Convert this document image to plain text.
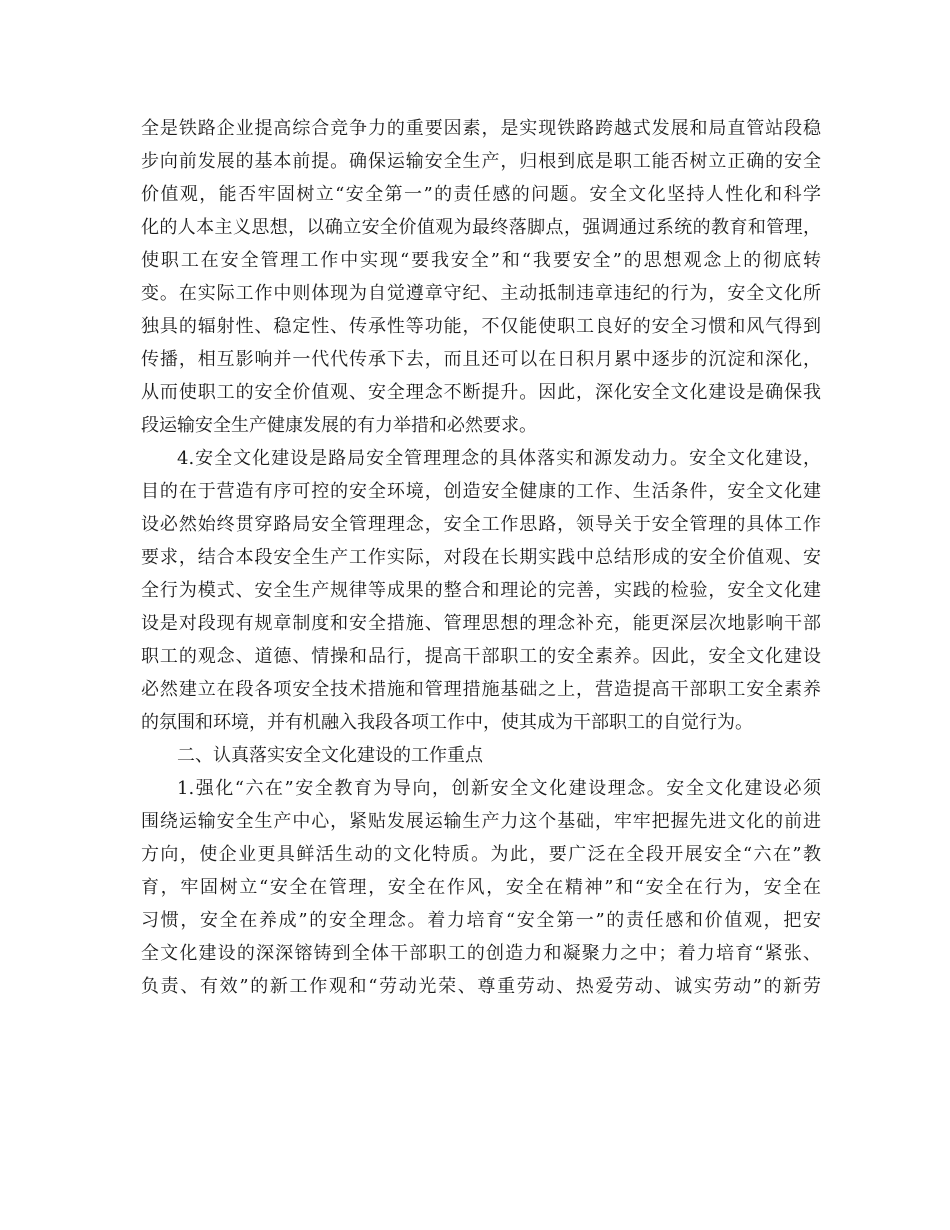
全是铁路企业提高综合竞争力的重要因素，是实现铁路跨越式发展和局直管站段稳
步向前发展的基本前提。确保运输安全生产，归根到底是职工能否树立正确的安全
价值观，能否牢固树立“安全第一”的责任感的问题。安全文化坚持人性化和科学
化的人本主义思想，以确立安全价值观为最终落脚点，强调通过系统的教育和管理，
使职工在安全管理工作中实现“要我安全”和“我要安全”的思想观念上的彻底转
变。在实际工作中则体现为自觉遵章守纪、主动抵制违章违纪的行为，安全文化所
独具的辐射性、稳定性、传承性等功能，不仅能使职工良好的安全习惯和风气得到
传播，相互影响并一代代传承下去，而且还可以在日积月累中逐步的沉淀和深化，
从而使职工的安全价值观、安全理念不断提升。因此，深化安全文化建设是确保我
段运输安全生产健康发展的有力举措和必然要求。
4.安全文化建设是路局安全管理理念的具体落实和源发动力。安全文化建设，
目的在于营造有序可控的安全环境，创造安全健康的工作、生活条件，安全文化建
设必然始终贯穿路局安全管理理念，安全工作思路，领导关于安全管理的具体工作
要求，结合本段安全生产工作实际，对段在长期实践中总结形成的安全价值观、安
全行为模式、安全生产规律等成果的整合和理论的完善，实践的检验，安全文化建
设是对段现有规章制度和安全措施、管理思想的理念补充，能更深层次地影响干部
职工的观念、道德、情操和品行，提高干部职工的安全素养。因此，安全文化建设
必然建立在段各项安全技术措施和管理措施基础之上，营造提高干部职工安全素养
的氛围和环境，并有机融入我段各项工作中，使其成为干部职工的自觉行为。
二、认真落实安全文化建设的工作重点
1.强化“六在”安全教育为导向，创新安全文化建设理念。安全文化建设必须
围绕运输安全生产中心，紧贴发展运输生产力这个基础，牢牢把握先进文化的前进
方向，使企业更具鲜活生动的文化特质。为此，要广泛在全段开展安全“六在”教
育，牢固树立“安全在管理，安全在作风，安全在精神”和“安全在行为，安全在
习惯，安全在养成”的安全理念。着力培育“安全第一”的责任感和价值观，把安
全文化建设的深深镕铸到全体干部职工的创造力和凝聚力之中；着力培育“紧张、
负责、有效”的新工作观和“劳动光荣、尊重劳动、热爱劳动、诚实劳动”的新劳
